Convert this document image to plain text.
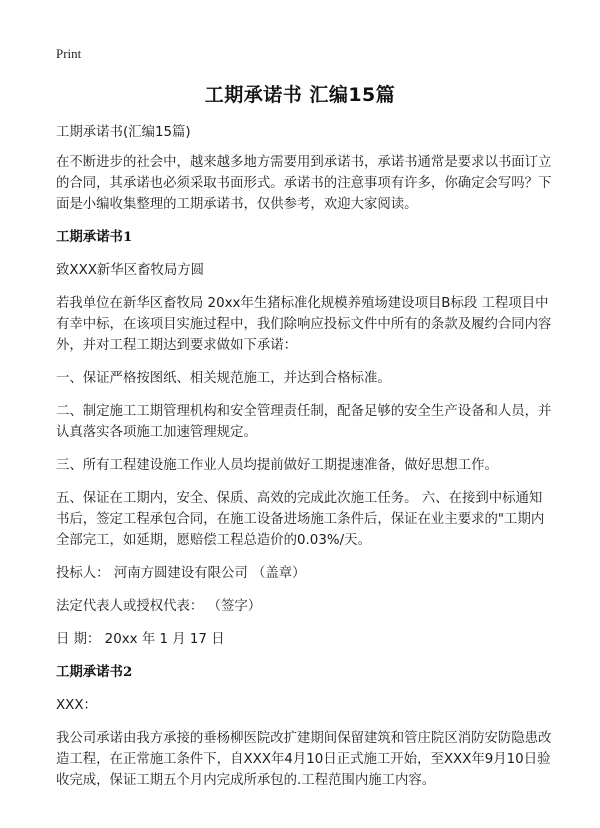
Print
工期承诺书 汇编15篇

工期承诺书(汇编15篇)

在不断进步的社会中，越来越多地方需要用到承诺书，承诺书通常是要求以书面订立的合同，其承诺也必须采取书面形式。承诺书的注意事项有许多，你确定会写吗？下面是小编收集整理的工期承诺书，仅供参考，欢迎大家阅读。

工期承诺书1

致XXX新华区畜牧局方圆

若我单位在新华区畜牧局 20xx年生猪标准化规模养殖场建设项目B标段 工程项目中有幸中标，在该项目实施过程中，我们除响应投标文件中所有的条款及履约合同内容外，并对工程工期达到要求做如下承诺：

一、保证严格按图纸、相关规范施工，并达到合格标准。

二、制定施工工期管理机构和安全管理责任制，配备足够的安全生产设备和人员，并认真落实各项施工加速管理规定。

三、所有工程建设施工作业人员均提前做好工期提速准备，做好思想工作。

五、保证在工期内，安全、保质、高效的完成此次施工任务。 六、在接到中标通知书后，签定工程承包合同，在施工设备进场施工条件后，保证在业主要求的"工期内全部完工，如延期，愿赔偿工程总造价的0.03%/天。

投标人： 河南方圆建设有限公司 （盖章）

法定代表人或授权代表： （签字）

日 期： 20xx 年 1 月 17 日

工期承诺书2

XXX：

我公司承诺由我方承接的垂杨柳医院改扩建期间保留建筑和管庄院区消防安防隐患改造工程，在正常施工条件下，自XXX年4月10日正式施工开始，至XXX年9月10日验收完成，保证工期五个月内完成所承包的.工程范围内施工内容。
